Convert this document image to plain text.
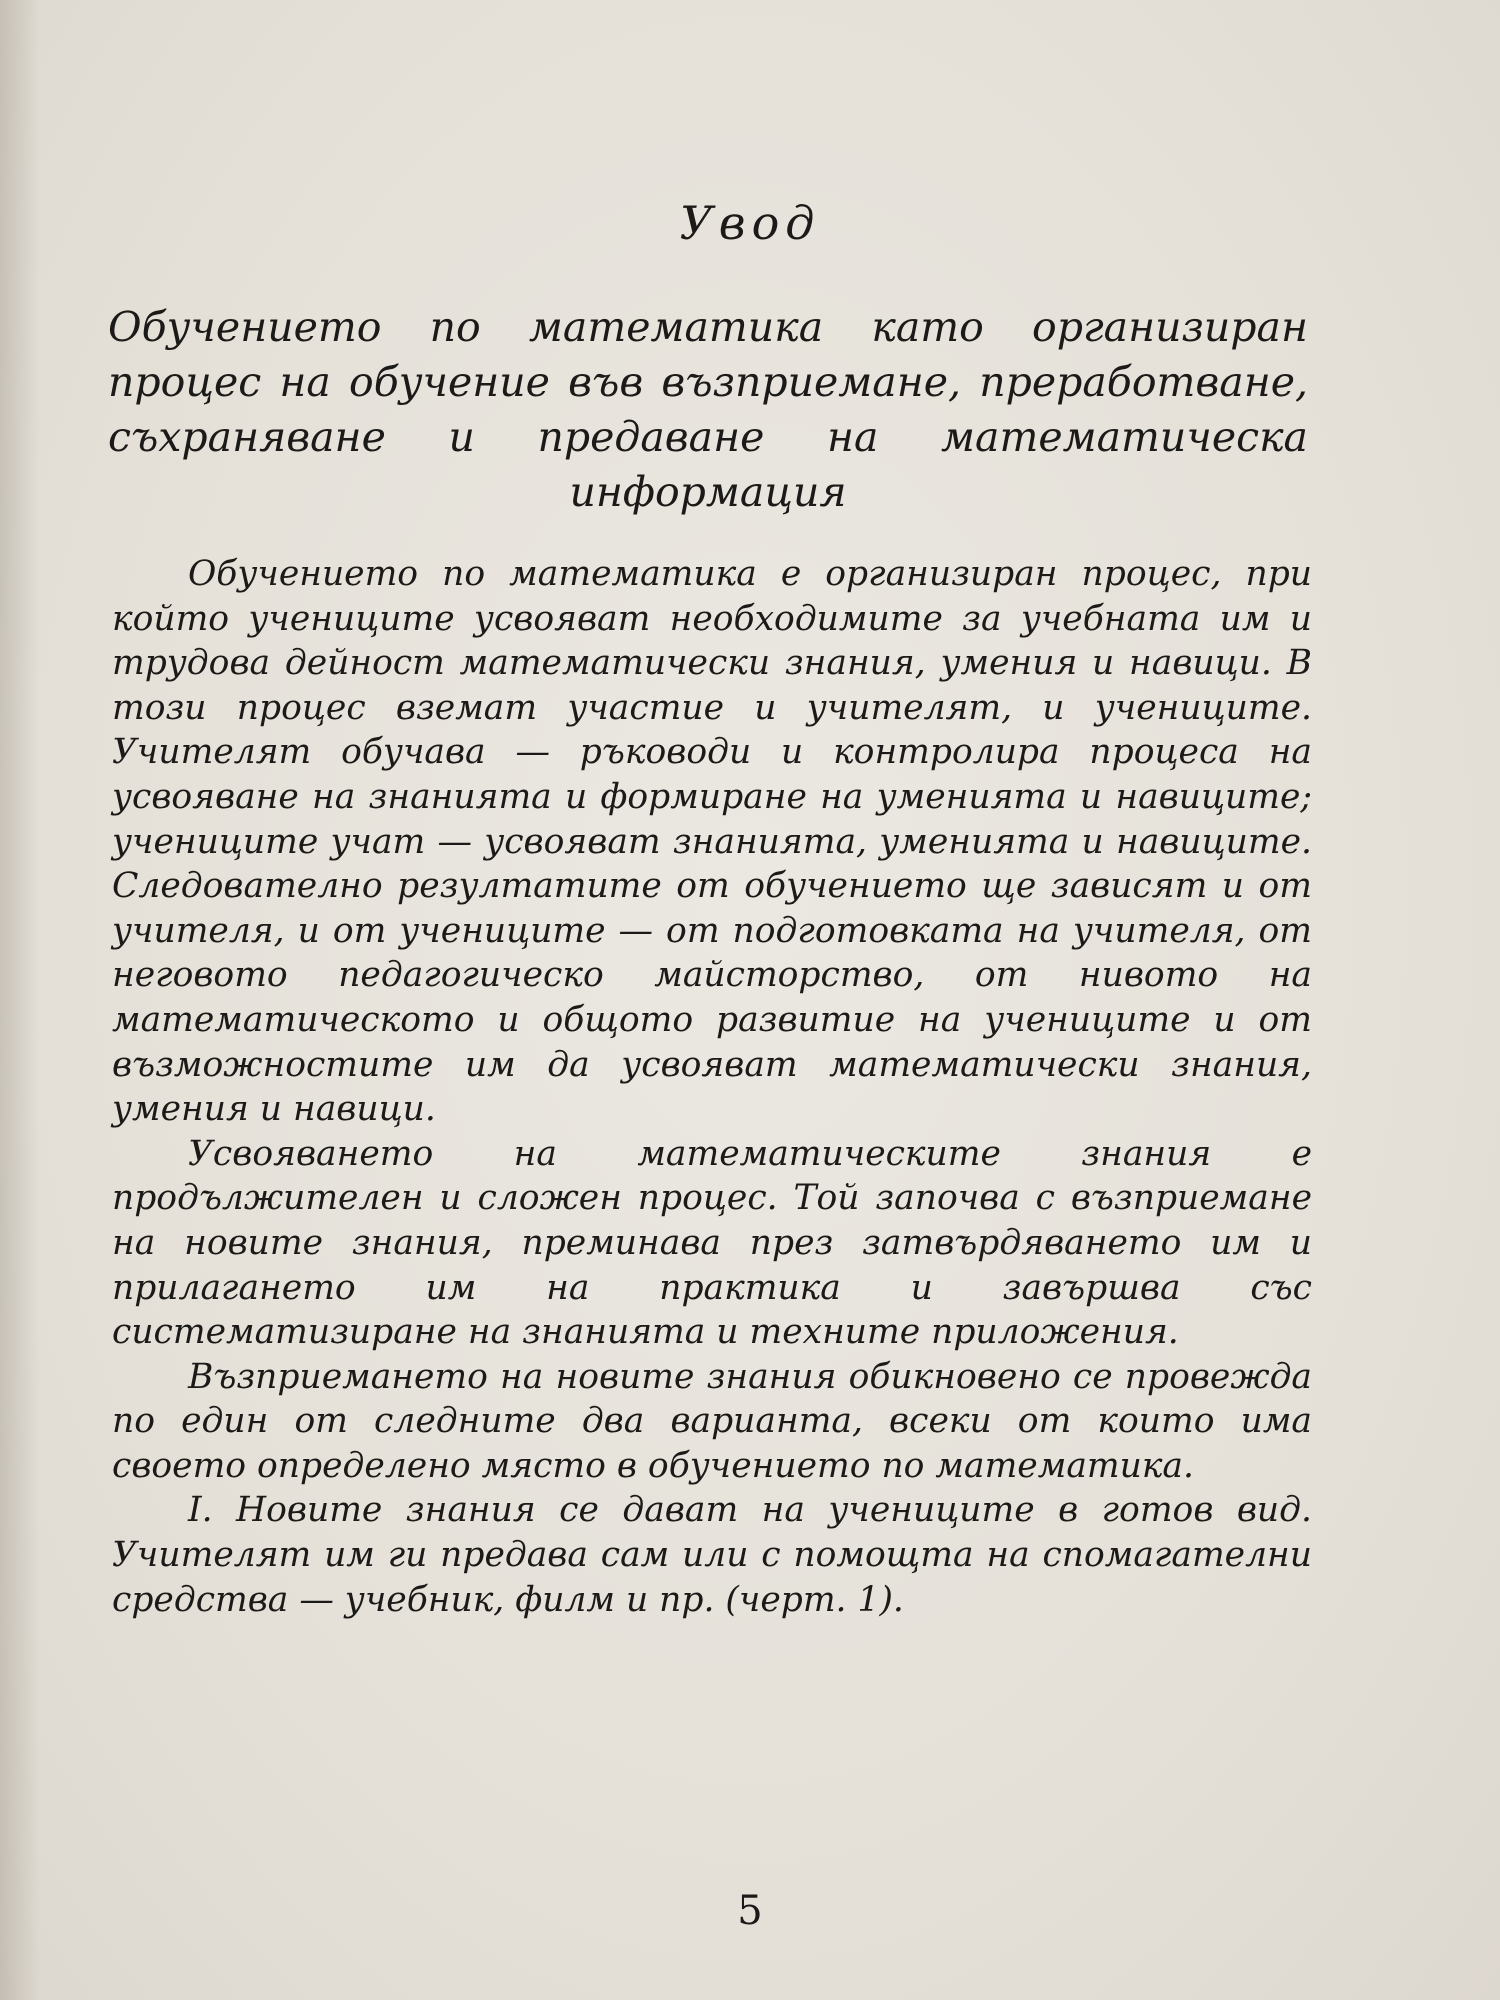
Увод
Обучението по математика като организиран процес на обучение във възприемане, преработване, съхраняване и предаване на математическа информация

Обучението по математика е организиран процес, при който учениците усвояват необходимите за учебната им и трудова дейност математически знания, умения и навици. В този процес вземат участие и учителят, и учениците. Учителят обучава — ръководи и контролира процеса на усвояване на знанията и формиране на уменията и навиците; учениците учат — усвояват знанията, уменията и навиците. Следователно резултатите от обучението ще зависят и от учителя, и от учениците — от подготовката на учителя, от неговото педагогическо майсторство, от нивото на математическото и общото развитие на учениците и от възможностите им да усвояват математически знания, умения и навици.

Усвояването на математическите знания е продължителен и сложен процес. Той започва с възприемане на новите знания, преминава през затвърдяването им и прилагането им на практика и завършва със систематизиране на знанията и техните приложения.

Възприемането на новите знания обикновено се провежда по един от следните два варианта, всеки от които има своето определено място в обучението по математика.

I. Новите знания се дават на учениците в готов вид. Учителят им ги предава сам или с помощта на спомагателни средства — учебник, филм и пр. (черт. 1).

5
